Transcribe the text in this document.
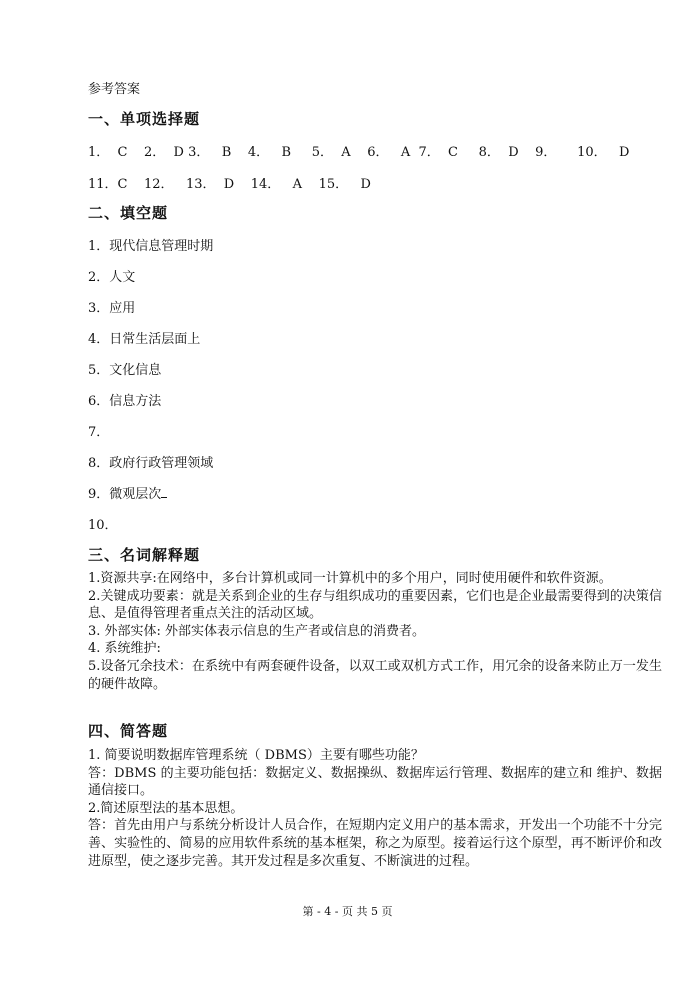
参考答案
一、单项选择题
1．  C    2．  D 3．   B    4．   B     5．  A    6．   A  7．  C     8．  D    9．     10．   D
11．C    12．   13．  D    14．   A    15．   D
二、填空题
1．现代信息管理时期
2．人文
3．应用
4．日常生活层面上
5．文化信息
6．信息方法
7．
8．政府行政管理领域
9．微观层次
10．
三、名词解释题

1.资源共享:在网络中，多台计算机或同一计算机中的多个用户，同时使用硬件和软件资源。

2.关键成功要素：就是关系到企业的生存与组织成功的重要因素，它们也是企业最需要得到的决策信息、是值得管理者重点关注的活动区域。

3. 外部实体: 外部实体表示信息的生产者或信息的消费者。

4. 系统维护:

5.设备冗余技术：在系统中有两套硬件设备，以双工或双机方式工作，用冗余的设备来防止万一发生的硬件故障。

四、简答题

1. 简要说明数据库管理系统（ DBMS）主要有哪些功能？

答：DBMS 的主要功能包括：数据定义、数据操纵、数据库运行管理、数据库的建立和 维护、数据通信接口。

2.简述原型法的基本思想。

答：首先由用户与系统分析设计人员合作，在短期内定义用户的基本需求，开发出一个功能不十分完善、实验性的、简易的应用软件系统的基本框架，称之为原型。接着运行这个原型，再不断评价和改进原型，使之逐步完善。其开发过程是多次重复、不断演进的过程。

第 - 4 - 页 共 5 页
